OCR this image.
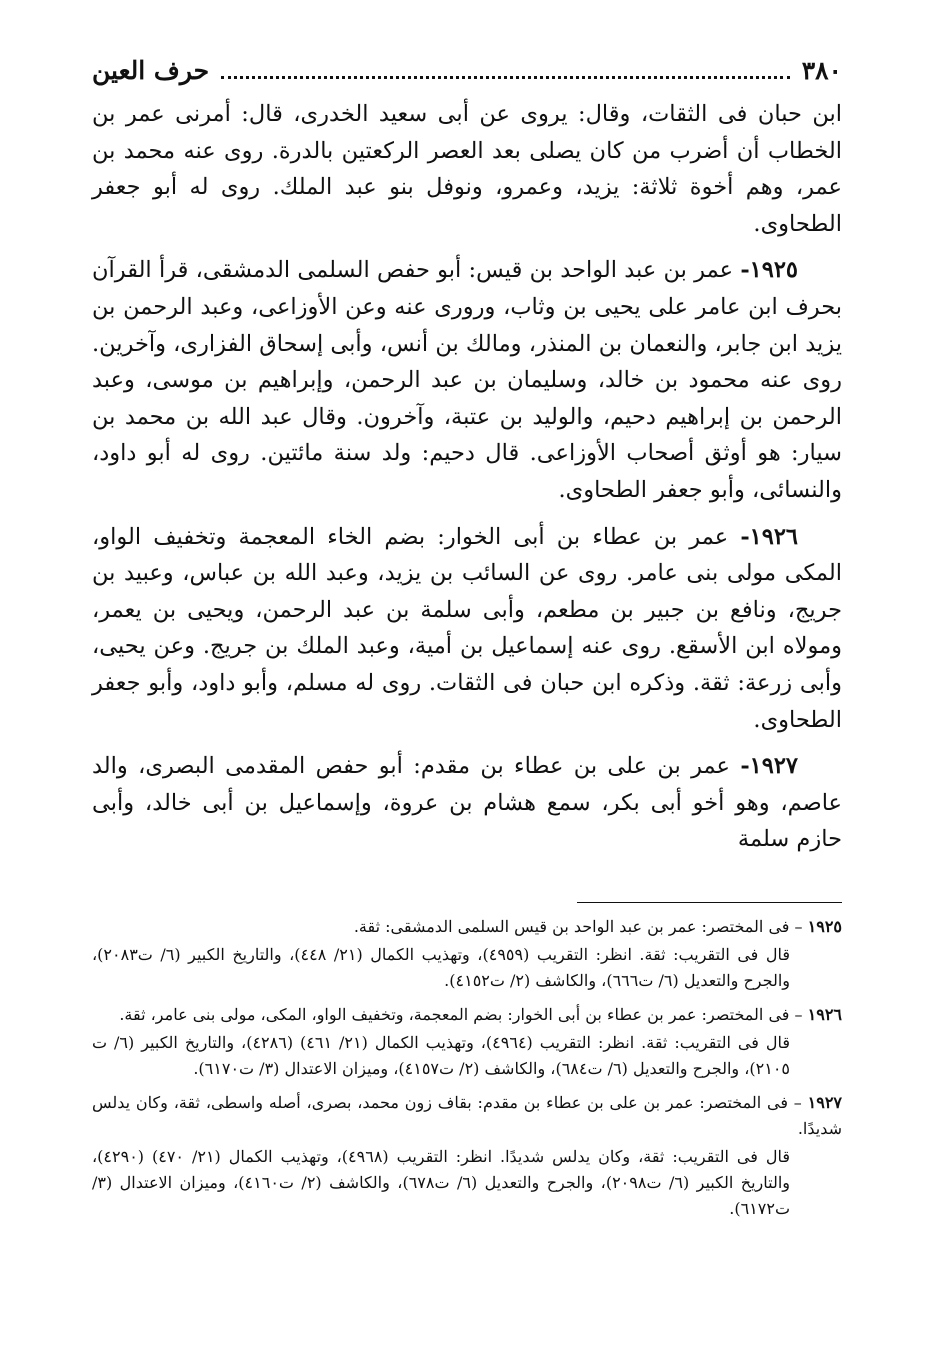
٣٨٠
حرف العين

ابن حبان فى الثقات، وقال: يروى عن أبى سعيد الخدرى، قال: أمرنى عمر بن الخطاب أن أضرب من كان يصلى بعد العصر الركعتين بالدرة. روى عنه محمد بن عمر، وهم أخوة ثلاثة: يزيد، وعمرو، ونوفل بنو عبد الملك. روى له أبو جعفر الطحاوى.

١٩٢٥- عمر بن عبد الواحد بن قيس: أبو حفص السلمى الدمشقى، قرأ القرآن بحرف ابن عامر على يحيى بن وثاب، ورورى عنه وعن الأوزاعى، وعبد الرحمن بن يزيد ابن جابر، والنعمان بن المنذر، ومالك بن أنس، وأبى إسحاق الفزارى، وآخرين. روى عنه محمود بن خالد، وسليمان بن عبد الرحمن، وإبراهيم بن موسى، وعبد الرحمن بن إبراهيم دحيم، والوليد بن عتبة، وآخرون. وقال عبد الله بن محمد بن سيار: هو أوثق أصحاب الأوزاعى. قال دحيم: ولد سنة مائتين. روى له أبو داود، والنسائى، وأبو جعفر الطحاوى.

١٩٢٦- عمر بن عطاء بن أبى الخوار: بضم الخاء المعجمة وتخفيف الواو، المكى مولى بنى عامر. روى عن السائب بن يزيد، وعبد الله بن عباس، وعبيد بن جريج، ونافع بن جبير بن مطعم، وأبى سلمة بن عبد الرحمن، ويحيى بن يعمر، ومولاه ابن الأسقع. روى عنه إسماعيل بن أمية، وعبد الملك بن جريج. وعن يحيى، وأبى زرعة: ثقة. وذكره ابن حبان فى الثقات. روى له مسلم، وأبو داود، وأبو جعفر الطحاوى.

١٩٢٧- عمر بن على بن عطاء بن مقدم: أبو حفص المقدمى البصرى، والد عاصم، وهو أخو أبى بكر، سمع هشام بن عروة، وإسماعيل بن أبى خالد، وأبى حازم سلمة

١٩٢٥ – فى المختصر: عمر بن عبد الواحد بن قيس السلمى الدمشقى: ثقة.
قال فى التقريب: ثقة. انظر: التقريب (٤٩٥٩)، وتهذيب الكمال (٢١/ ٤٤٨)، والتاريخ الكبير (٦/ ت٢٠٨٣)، والجرح والتعديل (٦/ ت٦٦٦)، والكاشف (٢/ ت٤١٥٢).
١٩٢٦ – فى المختصر: عمر بن عطاء بن أبى الخوار: بضم المعجمة، وتخفيف الواو، المكى، مولى بنى عامر، ثقة.
قال فى التقريب: ثقة. انظر: التقريب (٤٩٦٤)، وتهذيب الكمال (٢١/ ٤٦١) (٤٢٨٦)، والتاريخ الكبير (٦/ ت ٢١٠٥)، والجرح والتعديل (٦/ ت٦٨٤)، والكاشف (٢/ ت٤١٥٧)، وميزان الاعتدال (٣/ ت٦١٧٠).
١٩٢٧ – فى المختصر: عمر بن على بن عطاء بن مقدم: بقاف زون محمد، بصرى، أصله واسطى، ثقة، وكان يدلس شديدًا.
قال فى التقريب: ثقة، وكان يدلس شديدًا. انظر: التقريب (٤٩٦٨)، وتهذيب الكمال (٢١/ ٤٧٠) (٤٢٩٠)، والتاريخ الكبير (٦/ ت٢٠٩٨)، والجرح والتعديل (٦/ ت٦٧٨)، والكاشف (٢/ ت٤١٦٠)، وميزان الاعتدال (٣/ ت٦١٧٢).
